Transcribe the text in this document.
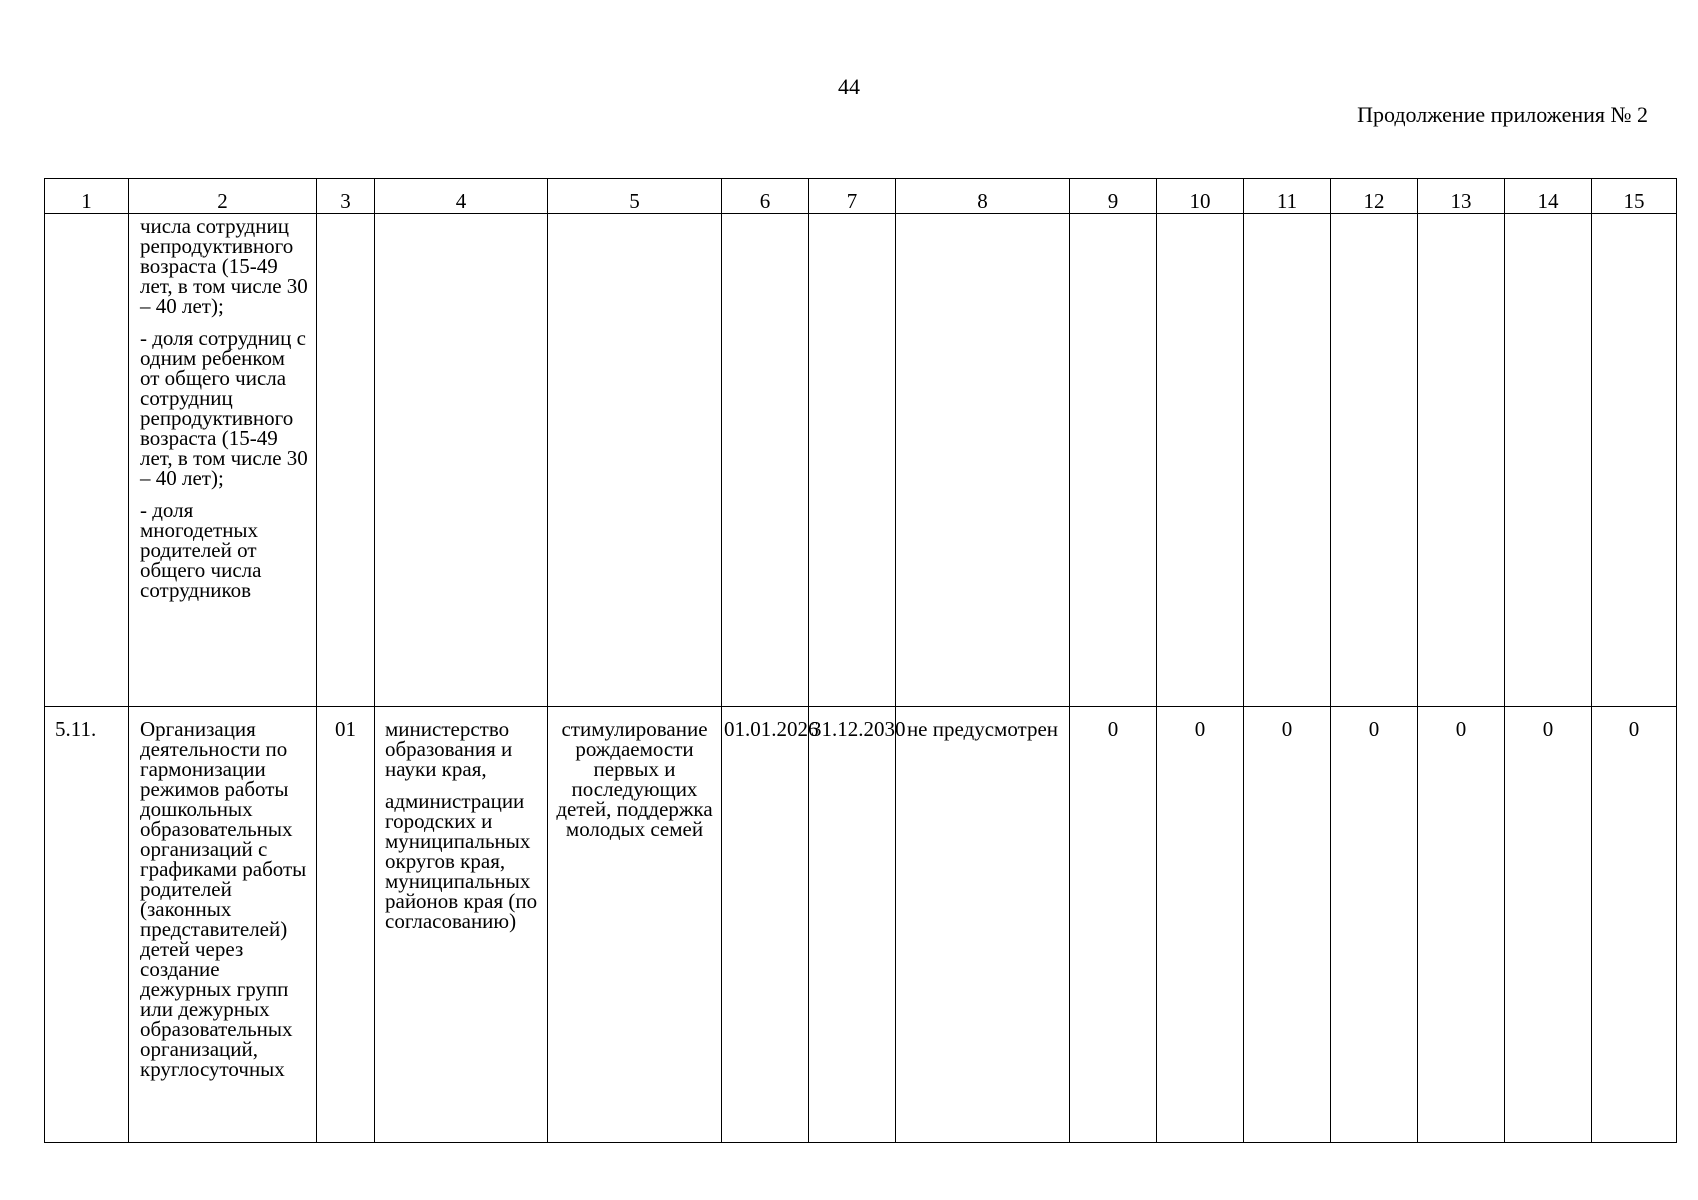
44
Продолжение приложения № 2
1	2	3	4	5	6	7	8	9	10	11	12	13	14	15

	числа сотрудниц репродуктивного возраста (15-49 лет, в том числе 30 – 40 лет);

- доля сотрудниц с одним ребенком от общего числа сотрудниц репродуктивного возраста (15-49 лет, в том числе 30 – 40 лет);

- доля многодетных родителей от общего числа сотрудников													

5.11.	Организация деятельности по гармонизации режимов работы дошкольных образовательных организаций с графиками работы родителей (законных представителей) детей через создание дежурных групп или дежурных образовательных организаций, круглосуточных	01	министерство образования и науки края,

администрации городских и муниципальных округов края, муниципальных районов края (по согласованию)	стимулирование рождаемости первых и последующих детей, поддержка молодых семей	01.01.2026	31.12.2030	не предусмотрен	0	0	0	0	0	0	0
